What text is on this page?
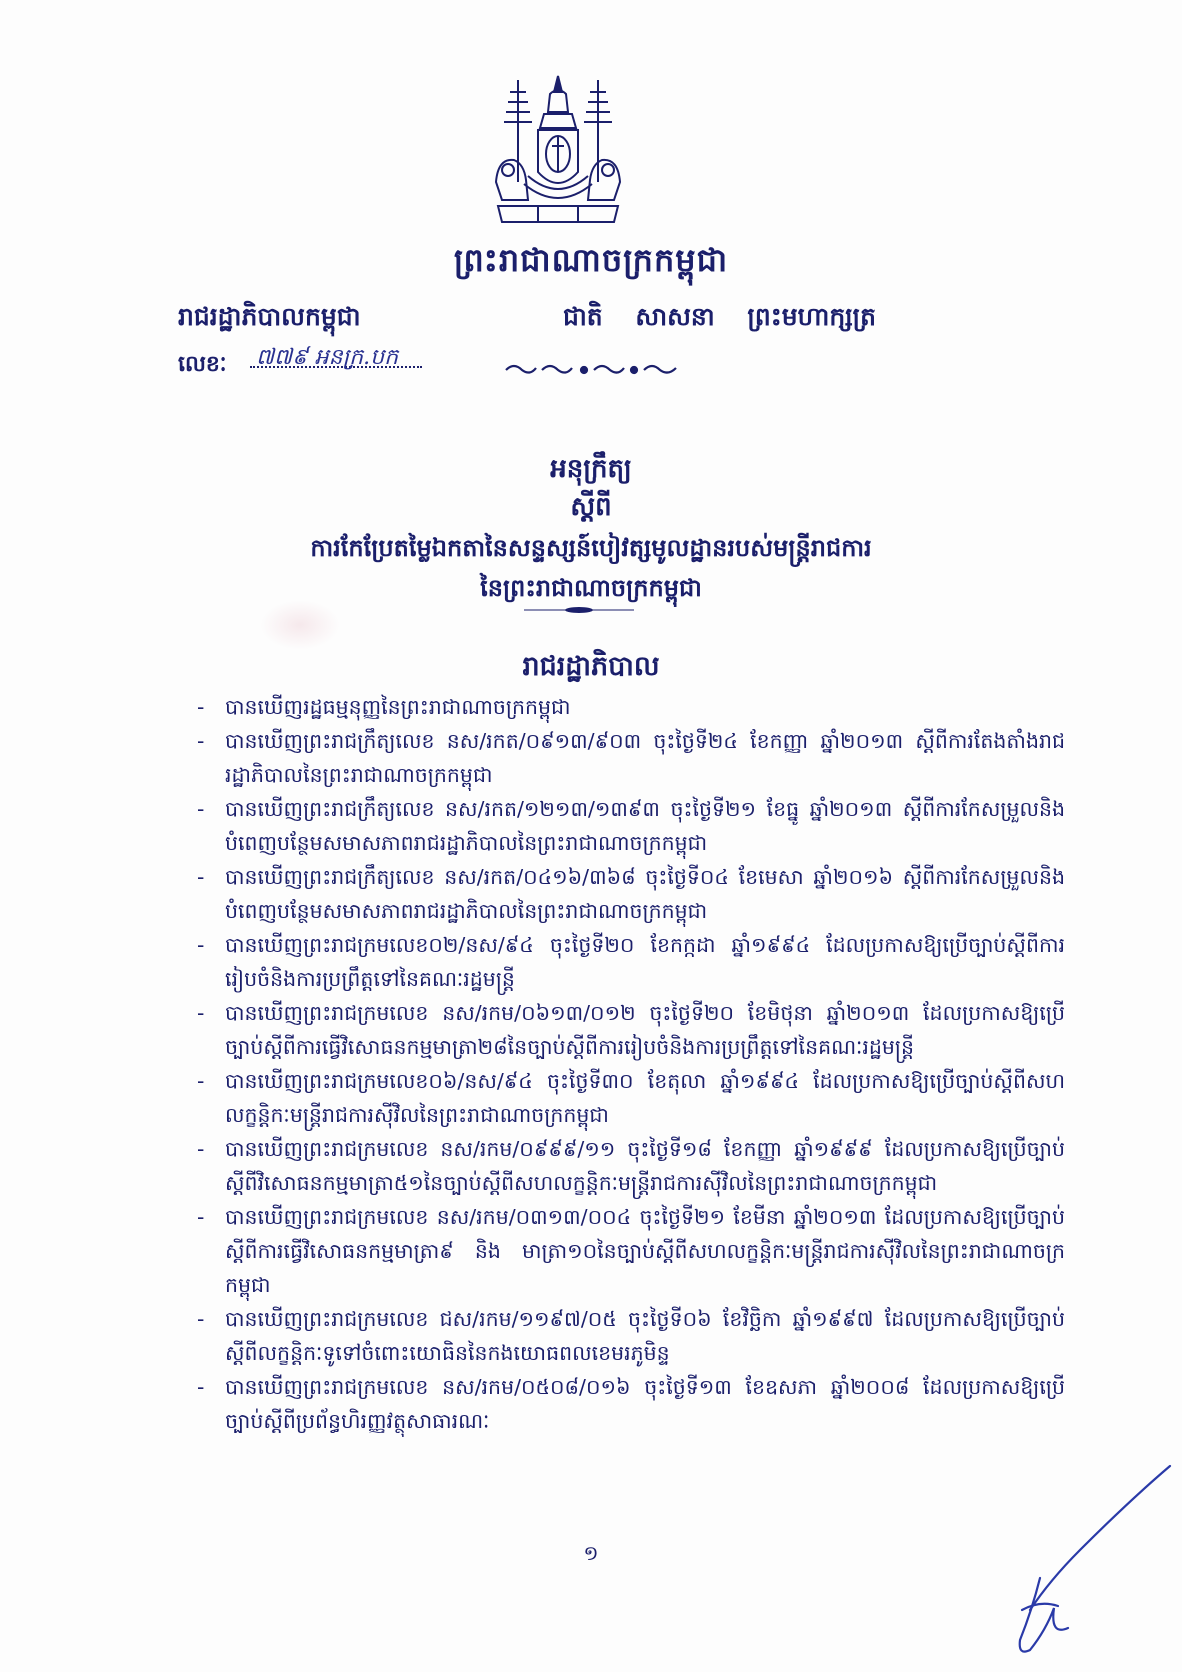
ព្រះរាជាណាចក្រកម្ពុជា
រាជរដ្ឋាភិបាលកម្ពុជា	ជាតិ សាសនា ព្រះមហាក្សត្រ
លេខៈ ៧៧៩ អនក្រ.បក
អនុក្រឹត្យ
ស្តីពី
ការកែប្រែតម្លៃឯកតានៃសន្ទស្សន៍បៀវត្សមូលដ្ឋានរបស់មន្ត្រីរាជការ
នៃព្រះរាជាណាចក្រកម្ពុជា
រាជរដ្ឋាភិបាល
- បានឃើញរដ្ឋធម្មនុញ្ញនៃព្រះរាជាណាចក្រកម្ពុជា
- បានឃើញព្រះរាជក្រឹត្យលេខ នស/រកត/០៩១៣/៩០៣ ចុះថ្ងៃទី២៤ ខែកញ្ញា ឆ្នាំ២០១៣ ស្តីពីការតែងតាំងរាជរដ្ឋាភិបាលនៃព្រះរាជាណាចក្រកម្ពុជា
- បានឃើញព្រះរាជក្រឹត្យលេខ នស/រកត/១២១៣/១៣៩៣ ចុះថ្ងៃទី២១ ខែធ្នូ ឆ្នាំ២០១៣ ស្តីពីការកែសម្រួលនិងបំពេញបន្ថែមសមាសភាពរាជរដ្ឋាភិបាលនៃព្រះរាជាណាចក្រកម្ពុជា
- បានឃើញព្រះរាជក្រឹត្យលេខ នស/រកត/០៤១៦/៣៦៨ ចុះថ្ងៃទី០៤ ខែមេសា ឆ្នាំ២០១៦ ស្តីពីការកែសម្រួលនិងបំពេញបន្ថែមសមាសភាពរាជរដ្ឋាភិបាលនៃព្រះរាជាណាចក្រកម្ពុជា
- បានឃើញព្រះរាជក្រមលេខ០២/នស/៩៤ ចុះថ្ងៃទី២០ ខែកក្កដា ឆ្នាំ១៩៩៤ ដែលប្រកាសឱ្យប្រើច្បាប់ស្តីពីការរៀបចំនិងការប្រព្រឹត្តទៅនៃគណៈរដ្ឋមន្ត្រី
- បានឃើញព្រះរាជក្រមលេខ នស/រកម/០៦១៣/០១២ ចុះថ្ងៃទី២០ ខែមិថុនា ឆ្នាំ២០១៣ ដែលប្រកាសឱ្យប្រើច្បាប់ស្តីពីការធ្វើវិសោធនកម្មមាត្រា២៨នៃច្បាប់ស្តីពីការរៀបចំនិងការប្រព្រឹត្តទៅនៃគណៈរដ្ឋមន្ត្រី
- បានឃើញព្រះរាជក្រមលេខ០៦/នស/៩៤ ចុះថ្ងៃទី៣០ ខែតុលា ឆ្នាំ១៩៩៤ ដែលប្រកាសឱ្យប្រើច្បាប់ស្តីពីសហលក្ខន្តិកៈមន្ត្រីរាជការស៊ីវិលនៃព្រះរាជាណាចក្រកម្ពុជា
- បានឃើញព្រះរាជក្រមលេខ នស/រកម/០៩៩៩/១១ ចុះថ្ងៃទី១៨ ខែកញ្ញា ឆ្នាំ១៩៩៩ ដែលប្រកាសឱ្យប្រើច្បាប់ស្តីពីវិសោធនកម្មមាត្រា៥១នៃច្បាប់ស្តីពីសហលក្ខន្តិកៈមន្ត្រីរាជការស៊ីវិលនៃព្រះរាជាណាចក្រកម្ពុជា
- បានឃើញព្រះរាជក្រមលេខ នស/រកម/០៣១៣/០០៤ ចុះថ្ងៃទី២១ ខែមីនា ឆ្នាំ២០១៣ ដែលប្រកាសឱ្យប្រើច្បាប់ស្តីពីការធ្វើវិសោធនកម្មមាត្រា៩ និង មាត្រា១០នៃច្បាប់ស្តីពីសហលក្ខន្តិកៈមន្ត្រីរាជការស៊ីវិលនៃព្រះរាជាណាចក្រកម្ពុជា
- បានឃើញព្រះរាជក្រមលេខ ជស/រកម/១១៩៧/០៥ ចុះថ្ងៃទី០៦ ខែវិច្ឆិកា ឆ្នាំ១៩៩៧ ដែលប្រកាសឱ្យប្រើច្បាប់ស្តីពីលក្ខន្តិកៈទូទៅចំពោះយោធិននៃកងយោធពលខេមរភូមិន្ទ
- បានឃើញព្រះរាជក្រមលេខ នស/រកម/០៥០៨/០១៦ ចុះថ្ងៃទី១៣ ខែឧសភា ឆ្នាំ២០០៨ ដែលប្រកាសឱ្យប្រើច្បាប់ស្តីពីប្រព័ន្ធហិរញ្ញវត្ថុសាធារណៈ
១
